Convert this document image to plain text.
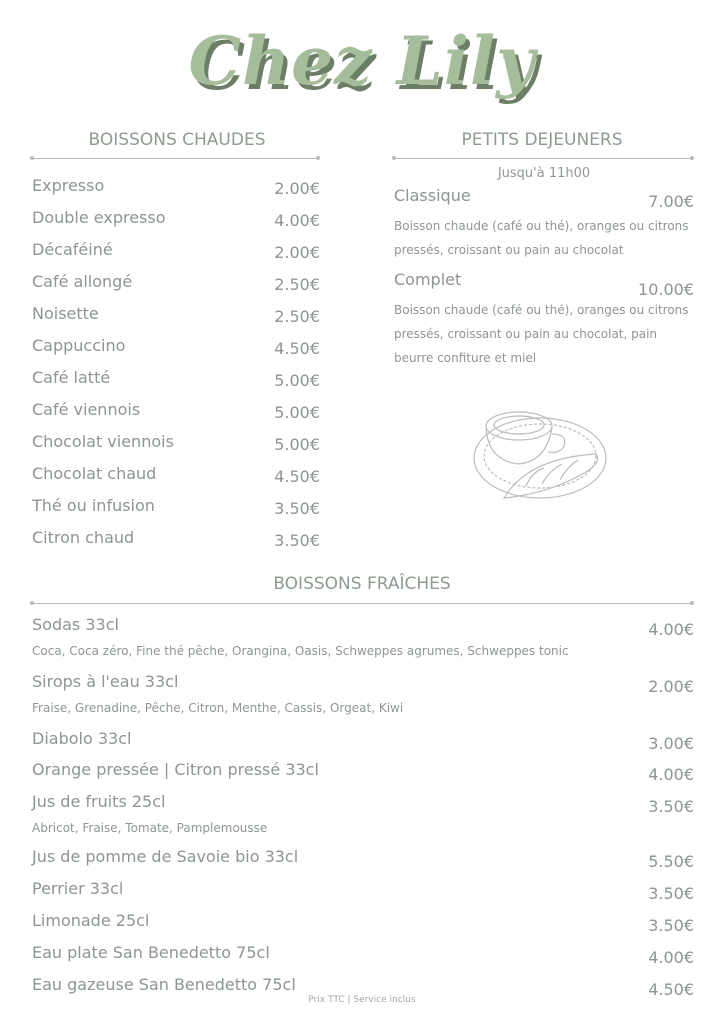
Chez Lily
BOISSONS CHAUDES
Expresso	2.00€
Double expresso	4.00€
Décaféiné	2.00€
Café allongé	2.50€
Noisette	2.50€
Cappuccino	4.50€
Café latté	5.00€
Café viennois	5.00€
Chocolat viennois	5.00€
Chocolat chaud	4.50€
Thé ou infusion	3.50€
Citron chaud	3.50€
PETITS DEJEUNERS
Jusqu'à 11h00
Classique	7.00€
Boisson chaude (café ou thé), oranges ou citrons
pressés, croissant ou pain au chocolat
Complet
10.00€
Boisson chaude (café ou thé), oranges ou citrons
pressés, croissant ou pain au chocolat, pain
beurre confiture et miel
BOISSONS FRAÎCHES
Sodas 33cl	4.00€
Coca, Coca zéro, Fine thé pêche, Orangina, Oasis, Schweppes agrumes, Schweppes tonic
Sirops à l'eau 33cl	2.00€
Fraise, Grenadine, Pêche, Citron, Menthe, Cassis, Orgeat, Kiwi
Diabolo 33cl	3.00€
Orange pressée | Citron pressé 33cl	4.00€
Jus de fruits 25cl	3.50€
Abricot, Fraise, Tomate, Pamplemousse
Jus de pomme de Savoie bio 33cl	5.50€
Perrier 33cl	3.50€
Limonade 25cl	3.50€
Eau plate San Benedetto 75cl	4.00€
Eau gazeuse San Benedetto 75cl	4.50€
Prix TTC | Service inclus
